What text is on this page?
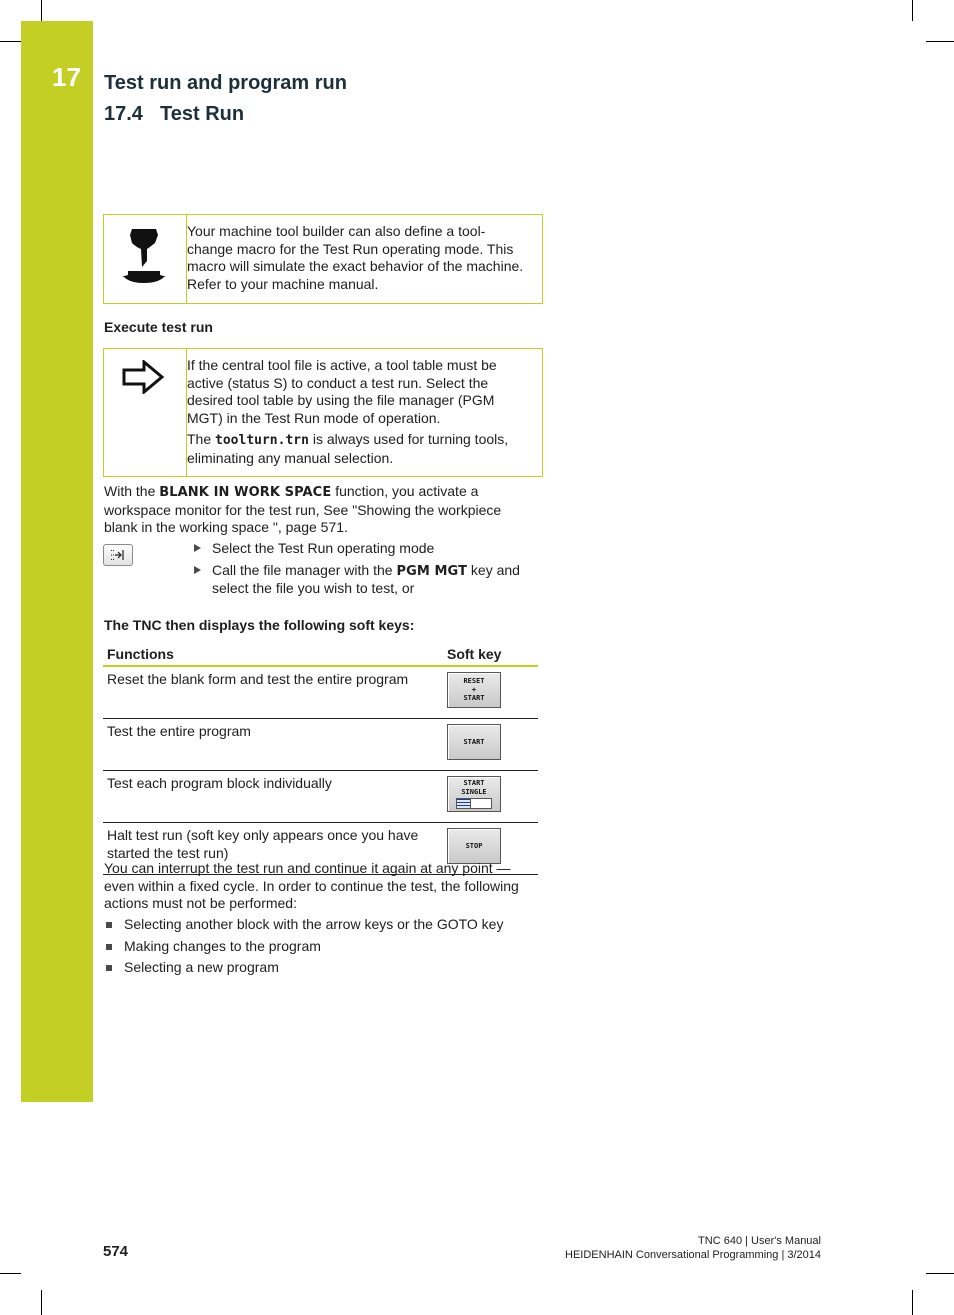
17 Test run and program run
17.4 Test Run

Your machine tool builder can also define a tool-change macro for the Test Run operating mode. This macro will simulate the exact behavior of the machine. Refer to your machine manual.

Execute test run

If the central tool file is active, a tool table must be active (status S) to conduct a test run. Select the desired tool table by using the file manager (PGM MGT) in the Test Run mode of operation.

The toolturn.trn is always used for turning tools, eliminating any manual selection.

With the BLANK IN WORK SPACE function, you activate a workspace monitor for the test run, See "Showing the workpiece blank in the working space ", page 571.

Select the Test Run operating mode
Call the file manager with the PGM MGT key and select the file you wish to test, or
The TNC then displays the following soft keys:
Functions	Soft key
Reset the blank form and test the entire program	RESET
+
START

Test the entire program	START

Test each program block individually	START
SINGLE

Halt test run (soft key only appears once you have started the test run)	STOP

You can interrupt the test run and continue it again at any point —even within a fixed cycle. In order to continue the test, the following actions must not be performed:

Selecting another block with the arrow keys or the GOTO key
Making changes to the program
Selecting a new program
574
TNC 640 | User's Manual
HEIDENHAIN Conversational Programming | 3/2014
